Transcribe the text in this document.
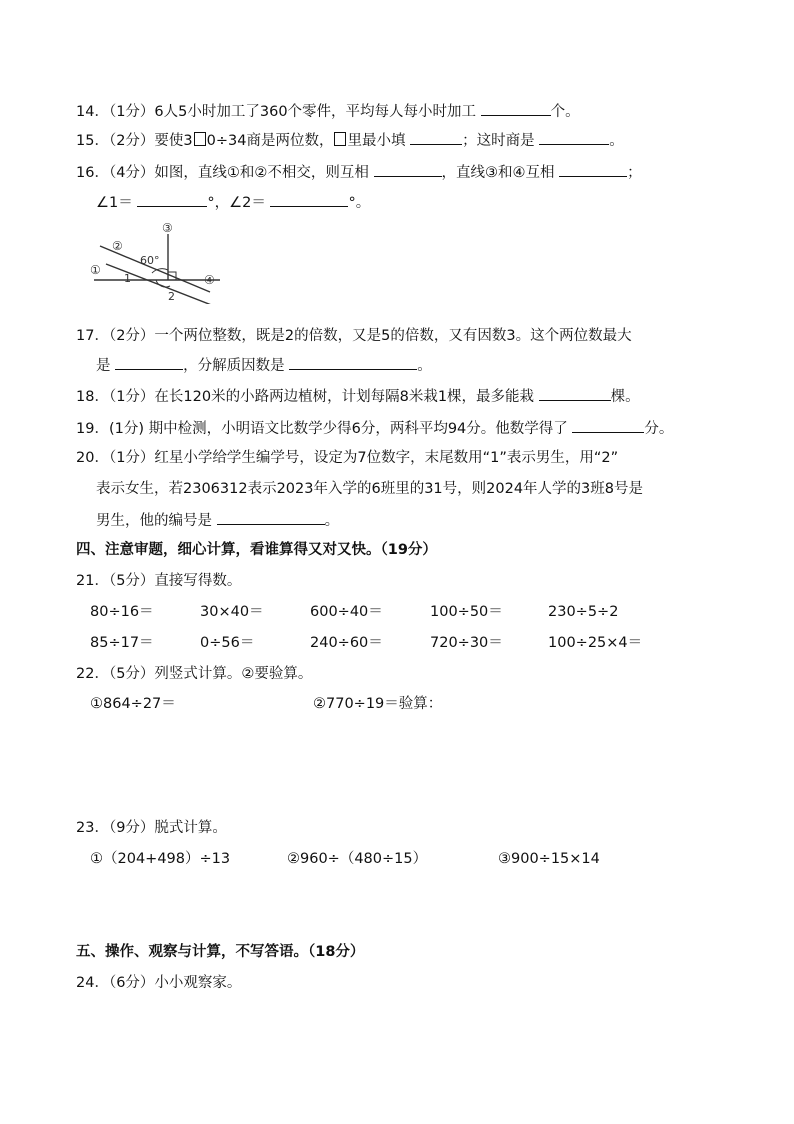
14．（1分）6人5小时加工了360个零件，平均每人每小时加工	个。
15．（2分）要使3 0÷34商是两位数， 里最小填	；这时商是	。
16．（4分）如图，直线①和②不相交，则互相	，直线③和④互相	；
∠1＝	°，∠2＝	°。
③
②
①
④
60°
1
2
17．（2分）一个两位整数，既是2的倍数，又是5的倍数，又有因数3。这个两位数最大
是	，分解质因数是	。
18．（1分）在长120米的小路两边植树，计划每隔8米栽1棵，最多能栽	棵。
19．(1分) 期中检测，小明语文比数学少得6分，两科平均94分。他数学得了	分。
20．（1分）红星小学给学生编学号，设定为7位数字，末尾数用“1”表示男生，用“2”
表示女生，若2306312表示2023年入学的6班里的31号，则2024年人学的3班8号是
男生，他的编号是	。
四、注意审题，细心计算，看谁算得又对又快。（19分）
21．（5分）直接写得数。
80÷16＝	30×40＝	600÷40＝	100÷50＝	230÷5÷2
85÷17＝	0÷56＝	240÷60＝	720÷30＝	100÷25×4＝
22．（5分）列竖式计算。②要验算。
①864÷27＝	②770÷19＝验算：
23．（9分）脱式计算。
①（204+498）÷13	②960÷（480÷15）	③900÷15×14
五、操作、观察与计算，不写答语。（18分）
24．（6分）小小观察家。
